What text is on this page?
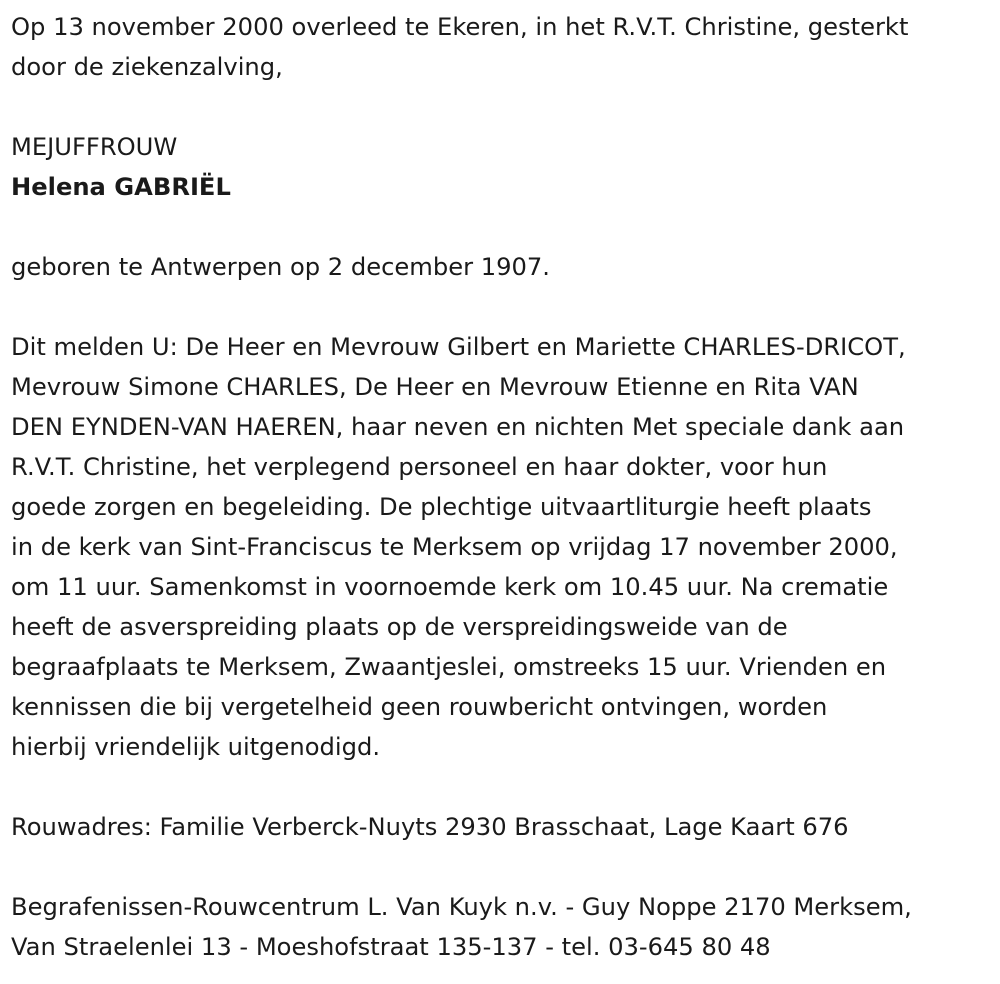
Op 13 november 2000 overleed te Ekeren, in het R.V.T. Christine, gesterkt

door de ziekenzalving,

MEJUFFROUW

Helena GABRIËL

geboren te Antwerpen op 2 december 1907.

Dit melden U: De Heer en Mevrouw Gilbert en Mariette CHARLES-DRICOT,

Mevrouw Simone CHARLES, De Heer en Mevrouw Etienne en Rita VAN

DEN EYNDEN-VAN HAEREN, haar neven en nichten Met speciale dank aan

R.V.T. Christine, het verplegend personeel en haar dokter, voor hun

goede zorgen en begeleiding. De plechtige uitvaartliturgie heeft plaats

in de kerk van Sint-Franciscus te Merksem op vrijdag 17 november 2000,

om 11 uur. Samenkomst in voornoemde kerk om 10.45 uur. Na crematie

heeft de asverspreiding plaats op de verspreidingsweide van de

begraafplaats te Merksem, Zwaantjeslei, omstreeks 15 uur. Vrienden en

kennissen die bij vergetelheid geen rouwbericht ontvingen, worden

hierbij vriendelijk uitgenodigd.

Rouwadres: Familie Verberck-Nuyts 2930 Brasschaat, Lage Kaart 676

Begrafenissen-Rouwcentrum L. Van Kuyk n.v. - Guy Noppe 2170 Merksem,

Van Straelenlei 13 - Moeshofstraat 135-137 - tel. 03-645 80 48
